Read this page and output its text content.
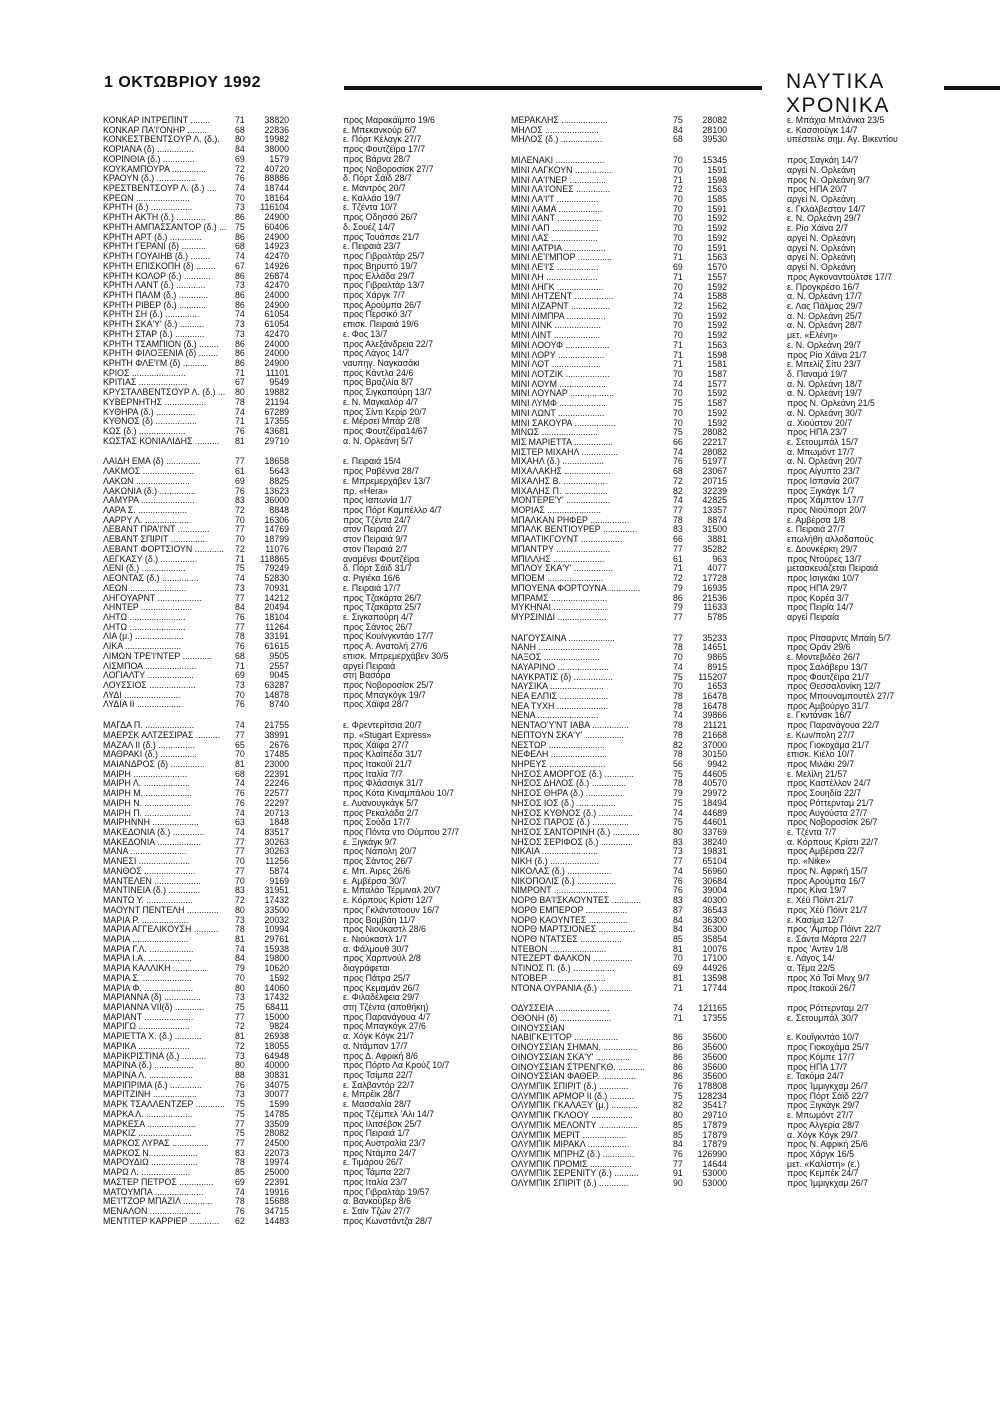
1 ΟΚΤΩΒΡΙΟΥ 1992	ΝΑΥΤΙΚΑ ΧΡΟΝΙΚΑ
ΚΟΝΚΑΡ ΙΝΤΡΕΠΙΝΤ ........	71	38820	προς Μαρακάϊμπο 19/6
ΚΟΝΚΑΡ ΠΑ'Ι'ΟΝΗΡ ........	68	22836	ε. Μπεκανκούρ 6/7
ΚΟΝΚΕΣΤΒΕΝΤΣΟΥΡ Λ. (δ.).	80	19982	ε. Πόρτ Κέλαγκ 27/7
ΚΟΡΙΑΝΑ (δ) ...............	84	38000	προς Φουτζέϊρα 17/7
ΚΟΡΙΝΘΙΑ (δ.) .............	69	1579	προς Βάρνα 28/7
ΚΟΥΚΑΜΠΟΥΡΑ ..............	72	40720	προς Νοβοροσίσκ 27/7
ΚΡΑΟΥΝ (δ.) ................	76	88886	δ. Πόρτ Σάϊδ 28/7
ΚΡΕΣΤΒΕΝΤΣΟΥΡ Λ. (δ.) ....	74	18744	ε. Μαντρός 20/7
ΚΡΕΩΝ ......................	70	18164	ε. Καλλάο 19/7
ΚΡΗΤΗ (δ.) .................	73	116104	ε. Τζέντα 10/7
ΚΡΗΤΗ ΑΚΤΗ (δ.) ............	86	24900	προς Οδησσό 26/7
ΚΡΗΤΗ ΑΜΠΑΣΣΑΝΤΟΡ (δ.) ... 75	60406	δ. Σουέζ 14/7
ΚΡΗΤΗ ΑΡΤ (δ.) .............	86	24900	προς Τουάπσε 21/7
ΚΡΗΤΗ ΓΕΡΑΝΙ (δ) ..........	68	14923	ε. Πειραιά 23/7
ΚΡΗΤΗ ΓΟΥΑΙΗΒ (δ.) ........	74	42470	προς Γιβραλτάρ 25/7
ΚΡΗΤΗ ΕΠΙΣΚΟΠΗ (δ) ........	67	14926	προς Βηρυττό 19/7
ΚΡΗΤΗ ΚΟΛΟΡ (δ.) ...........	86	26874	προς Ελλάδα 29/7
ΚΡΗΤΗ ΛΑΝΤ (δ.) ............	73	42470	προς Γιβραλτάρ 13/7
ΚΡΗΤΗ ΠΑΛΜ (δ.) ............	86	24000	προς Χάργκ 7/7
ΚΡΗΤΗ ΡΙΒΕΡ (δ.) ...........	86	24900	προς Αρούμπα 26/7
ΚΡΗΤΗ ΣΗ (δ.) ..............	74	61054	προς Περσικό 3/7
ΚΡΗΤΗ ΣΚΑ'Υ' (δ.) ..........	73	61054	επισκ. Πειραιά 19/6
ΚΡΗΤΗ ΣΤΑΡ (δ.) ............	73	42470	ε. Φος 13/7
ΚΡΗΤΗ ΤΣΑΜΠΙΟΝ (δ.) ........	86	24000	προς Αλεξάνδρεια 22/7
ΚΡΗΤΗ ΦΙΛΟΞΕΝΙΑ (δ) ........	86	24000	προς Λάγος 14/7
ΚΡΗΤΗ ΦΛΕ'Ι'Μ (δ) ..........	86	24900	ναυπηγ. Ναγκασάκι
ΚΡΙΟΣ ......................	71	11101	προς Κάντλα 24/6
ΚΡΙΤΙΑΣ ....................	67	9549	προς Βραζιλία 8/7
ΚΡΥΣΤΑΛΒΕΝΤΣΟΥΡ Λ. (δ.) ...	80	19882	προς Σιγκαπούρη 13/7
ΚΥΒΕΡΝΗΤΗΣ .................	78	21194	ε. Ν. Μαγκαλόρ 4/7
ΚΥΘΗΡΑ (δ.) ................	74	67289	προς Σίντι Κερίρ 20/7
ΚΥΘΝΟΣ (δ) .................	71	17355	ε. Μέρσεϊ Μπάρ 2/8
ΚΩΣ (δ.) ...................	76	43681	προς Φουτζέϊρα14/67
ΚΩΣΤΑΣ ΚΟΝΙΑΛΙΔΗΣ ..........	81	29710	α. Ν. Ορλεάνη 5/7
ΛΑΙΔΗ ΕΜΑ (δ) ..............	77	18658	ε. Πειραιά 15/4
ΛΑΚΜΟΣ .....................	61	5643	προς Ραβέννα 28/7
ΛΑΚΩΝ ......................	69	8825	ε. Μπρεμερχάβεν 13/7
ΛΑΚΩΝΙΑ (δ.) ...............	76	13623	πρ. «Hera»
ΛΑΜΥΡΑ ......................	83	36000	προς Ιαπωνία 1/7
ΛΑΡΑ Σ. ....................	72	8848	προς Πόρτ Καμπέλλο 4/7
ΛΑΡΡΥ Λ. ...................	70	16306	προς Τζέντα 24/7
ΛΕΒΑΝΤ ΠΡΑ'Ι'ΝΤ .............	77	14769	στον Πειραιά 2/7
ΛΕΒΑΝΤ ΣΠΙΡΙΤ ...............	70	18799	στον Πειραιά 9/7
ΛΕΒΑΝΤ ΦΟΡΤΣΙΟΥΝ ............	72	11076	στον Πειραιά 2/7
ΛΕΓΚΑΣΥ (δ.) ...............	71	118865	αναμένει Φουτζέϊρα
ΛΕΝΙ (δ.) ..................	75	79249	δ. Πόρτ Σάϊδ 31/7
ΛΕΟΝΤΑΣ (δ.) ...............	74	52830	α. Ριγιέκα 16/6
ΛΕΩΝ .......................	73	70931	ε. Πειραιά 17/7
ΛΗΓΟΥΑΡΝΤ ..................	77	14212	προς Τζακάρτα 26/7
ΛΗΝΤΕΡ .....................	84	20494	προς Τζακάρτα 25/7
ΛΗΤΩ .......................	76	18104	ε. Σιγκαπούρη 4/7
ΛΗΤΩ .......................	77	11264	προς Σάντος 26/7
ΛΙΑ (μ.) ....................	78	33191	προς Κουίνγκντάο 17/7
ΛΙΚΑ .......................	76	61615	προς Α. Ανατολή 27/6
ΛΙΜΩΝ ΤΡΕ'Ι'ΝΤΕΡ ............	68	9505	επισκ. Μπρεμερχάβεν 30/5
ΛΙΣΜΠΟΑ .....................	71	2557	αργεί Πειραιά
ΛΟΓΙΑΛΤΥ ...................	69	9045	στη Βασόρα
ΛΟΥΣΣΙΟΣ ...................	73	63287	προς Νοβοροσίσκ 25/7
ΛΥΔΙ .......................	70	14878	προς Μπαγκόγκ 19/7
ΛΥΔΙΑ ΙΙ ...................	76	8740	προς Χάϊφα 28/7
ΜΑΓΔΑ Π. ....................	74	21755	ε. Φρεντερίτσια 20/7
ΜΑΕΡΣΚ ΑΛΤΖΕΣΙΡΑΣ ..........	77	38991	πρ. «Stugart Express»
ΜΑΖΑΛ ΙΙ (δ.) ...............	65	2676	προς Χάϊφα 27/7
ΜΑΘΡΑΚΙ (δ.) ...............	70	17485	προς Κλαϊπέδα 31/7
ΜΑΙΑΝΔΡΟΣ (δ) ..............	81	23000	προς Ιτακούϊ 21/7
ΜΑΙΡΗ ......................	68	22391	προς Ιταλία 7/7
ΜΑΙΡΗ Λ. ...................	74	22246	προς Φλάσσιγκ 31/7
ΜΑΙΡΗ Μ. ...................	76	22577	προς Κότα Κιναμπάλου 10/7
ΜΑΙΡΗ Ν. ...................	76	22297	ε. Λυανουγκάγκ 5/7
ΜΑΙΡΗ Π. ...................	74	20713	προς Ρεκαλάδα 2/7
ΜΑΙΡΗΝΝΗ ...................	63	1848	προς Σούδα 17/7
ΜΑΚΕΔΟΝΙΑ (δ.) .............	74	83517	προς Πόντα ντο Ούμπου 27/7
ΜΑΚΕΔΟΝΙΑ ..................	77	30263	ε. Ξιγκάγκ 9/7
ΜΑΝΑ .......................	77	30263	προς Νάπολη 20/7
ΜΑΝΕΣΙ .....................	70	11256	προς Σάντος 26/7
ΜΑΝΘΟΣ .....................	77	5874	ε. Μπ. Άιρες 26/6
ΜΑΝΤΕΛΕΝ ...................	70	9169	ε. Αμβέρσα 30/7
ΜΑΝΤΙΝΕΙΑ (δ.) .............	83	31951	ε. Μπαλάο Τέρμιναλ 20/7
ΜΑΝΤΩ Υ. ...................	72	17432	ε. Κόρπους Κρίστι 12/7
ΜΑΟΥΝΤ ΠΕΝΤΕΛΗ .............	80	33500	προς Γκλάντστοουν 16/7
ΜΑΡΙΑ Ρ. ...................	73	20032	προς Βομβάη 11/7
ΜΑΡΙΑ ΑΓΓΕΛΙΚΟΥΣΗ ..........	78	10994	προς Νιούκαστλ 28/6
ΜΑΡΙΑ .......................	81	29761	ε. Νιούκαστλ 1/7
ΜΑΡΙΑ Γ.Λ. ..................	74	15938	α. Φάλμουθ 30/7
ΜΑΡΙΑ Ι.Α. ..................	84	19800	προς Χαρπνούλ 2/8
ΜΑΡΙΑ ΚΑΛΛΙΚΗ ..............	79	10620	διαγράφεται
ΜΑΡΙΑ Σ. ....................	70	1592	προς Πάτρα 25/7
ΜΑΡΙΑ Φ. ....................	80	14060	προς Κεμαμάν 26/7
ΜΑΡΙΑΝΝΑ (δ) ...............	73	17432	ε. Φιλαδέλφεια 29/7
ΜΑΡΙΑΝΝΑ VII(δ) ............	75	68411	στη Τζέντα (αποθήκη)
ΜΑΡΙΑΝΤ ....................	77	15000	προς Παρανάγουα 4/7
ΜΑΡΙΓΩ .....................	72	9824	προς Μπαγκόγκ 27/6
ΜΑΡΙΕΤΤΑ Χ. (δ.) ...........	81	26938	α. Χόγκ Κόγκ 21/7
ΜΑΡΙΚΑ .....................	72	18055	α. Ντάμπαν 17/7
ΜΑΡΙΚΡΙΣΤΙΝΑ (δ.) ..........	73	64948	προς Δ. Αφρική 8/6
ΜΑΡΙΝΑ (δ.) ................	80	40000	προς Πόρτο Λα Κρούζ 10/7
ΜΑΡΙΝΑ Λ. ..................	88	30831	προς Τσίμπα 22/7
ΜΑΡΙΠΡΙΜΑ (δ.) .............	76	34075	ε. Σαλβαντόρ 22/7
ΜΑΡΙΤΖΙΝΗ ..................	73	30077	ε. Μπρέϊκ 28/7
ΜΑΡΚ ΤΣΑΛΛΕΝΤΖΕΡ ............	75	1599	ε. Μασσαλία 28/7
ΜΑΡΚΑ Λ. ...................	75	14785	προς Τζέμπελ 'Αλι 14/7
ΜΑΡΚΕΣΑ ....................	77	33509	προς Ιλιτσέβσκ 25/7
ΜΑΡΚΙΖ ......................	75	28082	προς Πειραιά 1/7
ΜΑΡΚΟΣ ΛΥΡΑΣ ...............	77	24500	προς Αυστραλία 23/7
ΜΑΡΚΟΣ Ν. ..................	83	22073	προς Ντάμπα 24/7
ΜΑΡΟΥΔΙΩ ...................	78	19974	ε. Τιμάρου 26/7
ΜΑΡΩ Λ. ....................	85	25000	προς Τάμπα 22/7
ΜΑΣΤΕΡ ΠΕΤΡΟΣ ..............	69	22391	προς Ιταλία 23/7
ΜΑΤΟΥΜΠΑ ....................	74	19916	προς Γιβραλτάρ 19/57
ΜΕ'Ι'ΤΖΟΡ ΜΠΑΖΙΛ ............	78	15688	α. Βανκούβερ 8/6
ΜΕΝΑΛΟΝ .....................	76	34715	ε. Σαϊν Τζών 27/7
ΜΕΝΤΙΤΕΡ ΚΑΡΡΙΕΡ ............	62	14483	προς Κωνστάντζα 28/7
ΜΕΡΑΚΛΗΣ ...................	75	28082	ε. Μπάχια Μπλάνκα 23/5
ΜΗΛΟΣ ......................	84	28100	ε. Κασσιούγκ 14/7
ΜΗΛΟΣ (δ.) .................	68	39530	υπέστειλε σημ. Αγ. Βικεντίου
ΜΙΛΕΝΑΚΙ ....................	70	15345	προς Σαγκάη 14/7
ΜΙΝΙ ΛΑΓΚΟΥΝ ...............	70	1591	αργεί Ν. Ορλεάνη
ΜΙΝΙ ΛΑ'Ι'ΝΕΡ ...............	71	1598	προς Ν. Ορλεάνη 9/7
ΜΙΝΙ ΛΑ'Ι'ΟΝΕΣ ..............	72	1563	προς ΗΠΑ 20/7
ΜΙΝΙ ΛΑ'Ι'Τ .................	70	1585	αργεί Ν. Ορλεάνη
ΜΙΝΙ ΛΑΜΑ ..................	70	1591	ε. Γκλάλβεστον 14/7
ΜΙΝΙ ΛΑΝΤ ..................	70	1592	ε. Ν. Ορλεάνη 29/7
ΜΙΝΙ ΛΑΠ ...................	70	1592	ε. Ρίο Χάϊνα 2/7
ΜΙΝΙ ΛΑΣ ...................	70	1592	αργεί Ν. Ορλεάνη
ΜΙΝΙ ΛΑΤΡΙΑ .................	70	1591	αργεί Ν. Ορλεάνη
ΜΙΝΙ ΛΕ'Ι'ΜΠΟΡ ..............	71	1563	αργεί Ν. Ορλεάνη
ΜΙΝΙ ΛΕ'Ι'Σ .................	69	1570	αργεί Ν. Ορλεάνη
ΜΙΝΙ ΛΗ .....................	71	1557	προς Αγκοναντούλτσε 17/7
ΜΙΝΙ ΛΗΓΚ ...................	70	1592	ε. Προγκρέσο 16/7
ΜΙΝΙ ΛΗΤΖΕΝΤ ................	74	1588	α. Ν. Ορλεάνη 17/7
ΜΙΝΙ ΛΙΖΑΡΝΤ ................	72	1562	ε. Λας Πάλμας 29/7
ΜΙΝΙ ΛΙΜΠΡΑ ................	70	1592	α. Ν. Ορλεάνη 25/7
ΜΙΝΙ ΛΙΝΚ ...................	70	1592	α. Ν. Ορλεάνη 28/7
ΜΙΝΙ ΛΙΝΤ ...................	70	1592	μετ. «Ελένη»
ΜΙΝΙ ΛΟΟΥΦ ..................	71	1563	ε. Ν. Ορλεάνη 29/7
ΜΙΝΙ ΛΟΡΥ ...................	71	1598	προς Ρίο Χάϊνα 21/7
ΜΙΝΙ ΛΟΤ ....................	71	1581	ε. Μπελίζ Σίτυ 23/7
ΜΙΝΙ ΛΟΤΖΙΚ ..................	70	1587	δ. Παναμά 19/7
ΜΙΝΙ ΛΟΥΜ ...................	74	1577	α. Ν. Ορλεάνη 18/7
ΜΙΝΙ ΛΟΥΝΑΡ ..................	70	1592	α. Ν. Ορλεάνη 19/7
ΜΙΝΙ ΛΥΜΦ ...................	75	1587	προς Ν. Ορλεάνη 21/5
ΜΙΝΙ ΛΩΝΤ ...................	70	1592	α. Ν. Ορλεάνη 30/7
ΜΙΝΙ ΣΑΚΟΥΡΑ .................	70	1592	α. Χιούστον 20/7
ΜΙΝΩΣ .......................	75	28082	προς ΗΠΑ 23/7
ΜΙΣ ΜΑΡΙΕΤΤΑ ................	66	22217	ε. Σετουμπάλ 15/7
ΜΙΣΤΕΡ ΜΙΧΑΗΛ ...............	74	28082	α. Μπωμόντ 17/7
ΜΙΧΑΗΛ (δ.) .................	76	51977	α. Ν. Ορλεάνη 20/7
ΜΙΧΑΛΑΚΗΣ ...................	68	23067	προς Αίγυπτο 23/7
ΜΙΧΑΛΗΣ Β. ..................	72	20715	προς Ισπανία 20/7
ΜΙΧΑΛΗΣ Π. ..................	82	32239	προς Ξιγκάγκ 1/7
ΜΟΝΤΕΡΕ'Υ' ..................	74	42825	προς Χάμπτον 17/7
ΜΟΡΙΑΣ ......................	77	13357	προς Νιούπορτ 20/7
ΜΠΑΛΚΑΝ ΡΗΦΕΡ ................	78	8874	ε. Αμβέρσα 1/8
ΜΠΑΛΚ ΒΕΝΤΙΟΥΡΕΡ ..............	83	31500	ε. Πειραιά 27/7
ΜΠΑΛΤΙΚΓΟΥΝΤ .................	66	3881	επωλήθη αλλοδαπούς
ΜΠΑΝΤΡΥ ......................	77	35282	ε. Δουνκέρκη 29/7
ΜΠΙΛΛΗΣ .....................	61	963	προς Ντούρες 13/7
ΜΠΛΟΥ ΣΚΑ'Υ' ................	71	4077	μετασκευάζεται Πειραιά
ΜΠΟΕΜ .......................	72	17728	προς Ισιγκάκι 10/7
ΜΠΟΥΕΝΑ ΦΟΡΤΟΥΝΑ .............	79	16935	προς ΗΠΑ 29/7
ΜΠΡΑΜΣ .......................	86	21536	προς Κορέα 3/7
ΜΥΚΗΝΑΙ ......................	79	11633	προς Πειρία 14/7
ΜΥΡΣΙΝΙΔΙ ....................	77	5785	αργεί Πειραία
ΝΑΓΟΥΣΑΙΝΑ ...................	77	35233	προς Ρίτσαρντς Μπαίη 5/7
ΝΑΝΗ .........................	78	14651	προς Οράν 29/6
ΝΑΞΟΣ .......................	70	9865	ε. Μοντεβιδέο 26/7
ΝΑΥΑΡΙΝΟ .....................	74	8915	προς Σαλάβερυ 13/7
ΝΑΥΚΡΑΤΙΣ (δ) ................	75	115207	προς Φουτζέϊρα 21/7
ΝΑΥΣΙΚΑ ......................	70	1653	προς Θεσσαλονίκη 12/7
ΝΕΑ ΕΛΠΙΣ ....................	78	16478	προς Μπουναμπουτέλ 27/7
ΝΕΑ ΤΥΧΗ .....................	78	16478	προς Αμβούργο 31/7
ΝΕΝΑ .........................	74	39866	ε. Γκντάνσκ 16/7
ΝΕΝΤΑΟ'Υ'ΝΤ ΙΑΒΑ ...............	78	21121	προς Παρανάγουα 22/7
ΝΕΠΤΟΥΝ ΣΚΑ'Υ' ................	78	21668	ε. Κων/πολη 27/7
ΝΕΣΤΩΡ .......................	82	37000	προς Γιοκοχάμα 21/7
ΝΕΦΕΛΗ .......................	78	30150	επισκ. Κιέλο 10/7
ΝΗΡΕΥΣ .......................	56	9942	προς Μιλάκι 29/7
ΝΗΣΟΣ ΑΜΟΡΓΟΣ (δ.) ............	75	44605	ε. Μελίλη 21/57
ΝΗΣΟΣ ΔΗΛΟΣ (δ.) ..............	78	40570	προς Καστέλλον 24/7
ΝΗΣΟΣ ΘΗΡΑ (δ.) ...............	79	29972	προς Σουηδία 22/7
ΝΗΣΟΣ ΙΟΣ (δ.) ................	75	18494	προς Ρόττερνταμ 21/7
ΝΗΣΟΣ ΚΥΘΝΟΣ (δ.) ..............	74	44689	προς Αυγούστα 27/7
ΝΗΣΟΣ ΠΑΡΟΣ (δ.) ...............	75	44601	προς Νοβοροσίσκ 26/7
ΝΗΣΟΣ ΣΑΝΤΟΡΙΝΗ (δ.) ...........	80	33769	ε. Τζέντα 7/7
ΝΗΣΟΣ ΣΕΡΙΦΟΣ (δ.) .............	83	38240	α. Κόρπους Κρίστι 22/7
ΝΙΚΑΙΑ .......................	73	19831	προς Αμβέρσα 22/7
ΝΙΚΗ (δ.) ....................	77	65104	πρ. «Nike»
ΝΙΚΟΛΑΣ (δ.) ..................	74	56960	προς Ν. Αφρική 15/7
ΝΙΚΟΠΟΛΙΣ (δ.) ................	76	30684	προς Αρούμπα 16/7
ΝΙΜΡΟΝΤ ......................	76	39004	προς Κίνα 19/7
ΝΟΡΘ ΒΑ'Ι'ΣΚΑΟΥΝΤΕΣ ............	83	40300	ε. Χέϋ Πόϊντ 21/7
ΝΟΡΘ ΕΜΠΕΡΟΡ .................	87	36543	προς Χέϋ Πόϊντ 21/7
ΝΟΡΘ ΚΑΟΥΝΤΕΣ ................	84	36300	ε. Κασίμα 12/7
ΝΟΡΘ ΜΑΡΤΣΙΟΝΕΣ ...............	84	36300	προς 'Αμπορ Πόϊντ 22/7
ΝΟΡΘ ΝΤΑΤΣΕΣ .................	85	35854	ε. Σάντα Μάρτα 22/7
ΝΤΕΒΟΝ .......................	81	10076	προς 'Αντεν 1/8
ΝΤΕΖΕΡΤ ΦΑΛΚΟΝ ................	70	17100	ε. Λάγος 14/
ΝΤΙΝΟΣ Π. (δ.) .................	69	44926	α. Τέμα 22/5
ΝΤΟΒΕΡ .......................	81	13598	προς Χό Τσί Μινχ 9/7
ΝΤΟΝΑ ΟΥΡΑΝΙΑ (δ.) .............	71	17744	προς Ιτακούϊ 26/7
ΟΔΥΣΣΕΙΑ ......................	74	121165	προς Ρόττερνταμ 2/7
ΟΘΟΝΗ (δ) .....................	71	17355	ε. Σετουμπάλ 30/7
ΟΙΝΟΥΣΣΙΑΝ
ΝΑΒΙΓΚΕ'Ι'ΤΟΡ ..................	86	35600	ε. Κουΐγκντάο 10/7
ΟΙΝΟΥΣΣΙΑΝ ΣΗΜΑΝ. ..............	86	35600	προς Γιοκοχάμα 25/7
ΟΙΝΟΥΣΣΙΑΝ ΣΚΑ'Υ' ..............	86	35600	προς Κόμπε 17/7
ΟΙΝΟΥΣΣΙΑΝ ΣΤΡΕΝΓΚΘ. ...........	86	35600	προς ΗΠΑ 17/7
ΟΙΝΟΥΣΣΙΑΝ ΦΑΘΕΡ. ..............	86	35600	ε. Τακόμα 24/7
ΟΛΥΜΠΙΚ ΣΠΙΡΙΤ (δ.) ............	76	178808	προς Ίμμιγκχαμ 26/7
ΟΛΥΜΠΙΚ ΑΡΜΟΡ ΙΙ (δ.) ..........	75	128234	προς Πόρτ Σάϊδ 22/7
ΟΛΥΜΠΙΚ ΓΚΑΛΑΞΥ (μ.) ...........	82	35417	προς Ξιγκάγκ 29/7
ΟΛΥΜΠΙΚ ΓΚΛΟΟΥ .................	80	29710	ε. Μπωμόντ 27/7
ΟΛΥΜΠΙΚ ΜΕΛΟΝΤΥ ................	85	17879	προς Αλγερία 28/7
ΟΛΥΜΠΙΚ ΜΕΡΙΤ ..................	85	17879	α. Χόγκ Κόγκ 29/7
ΟΛΥΜΠΙΚ ΜΙΡΑΚΛ .................	84	17879	προς Ν. Αφρική 25/6
ΟΛΥΜΠΙΚ ΜΠΡΗΖ (δ.) .............	76	126990	προς Χάργκ 16/5
ΟΛΥΜΠΙΚ ΠΡΟΜΙΣ .................	77	14644	μετ. «Καλίστη» (ε.)
ΟΛΥΜΠΙΚ ΣΕΡΕΝΙΤΥ (δ.) ..........	91	53000	προς Κεμπέκ 24/7
ΟΛΥΜΠΙΚ ΣΠΙΡΙΤ (δ.) ............	90	53000	προς Ίμμιγκχαμ 26/7
